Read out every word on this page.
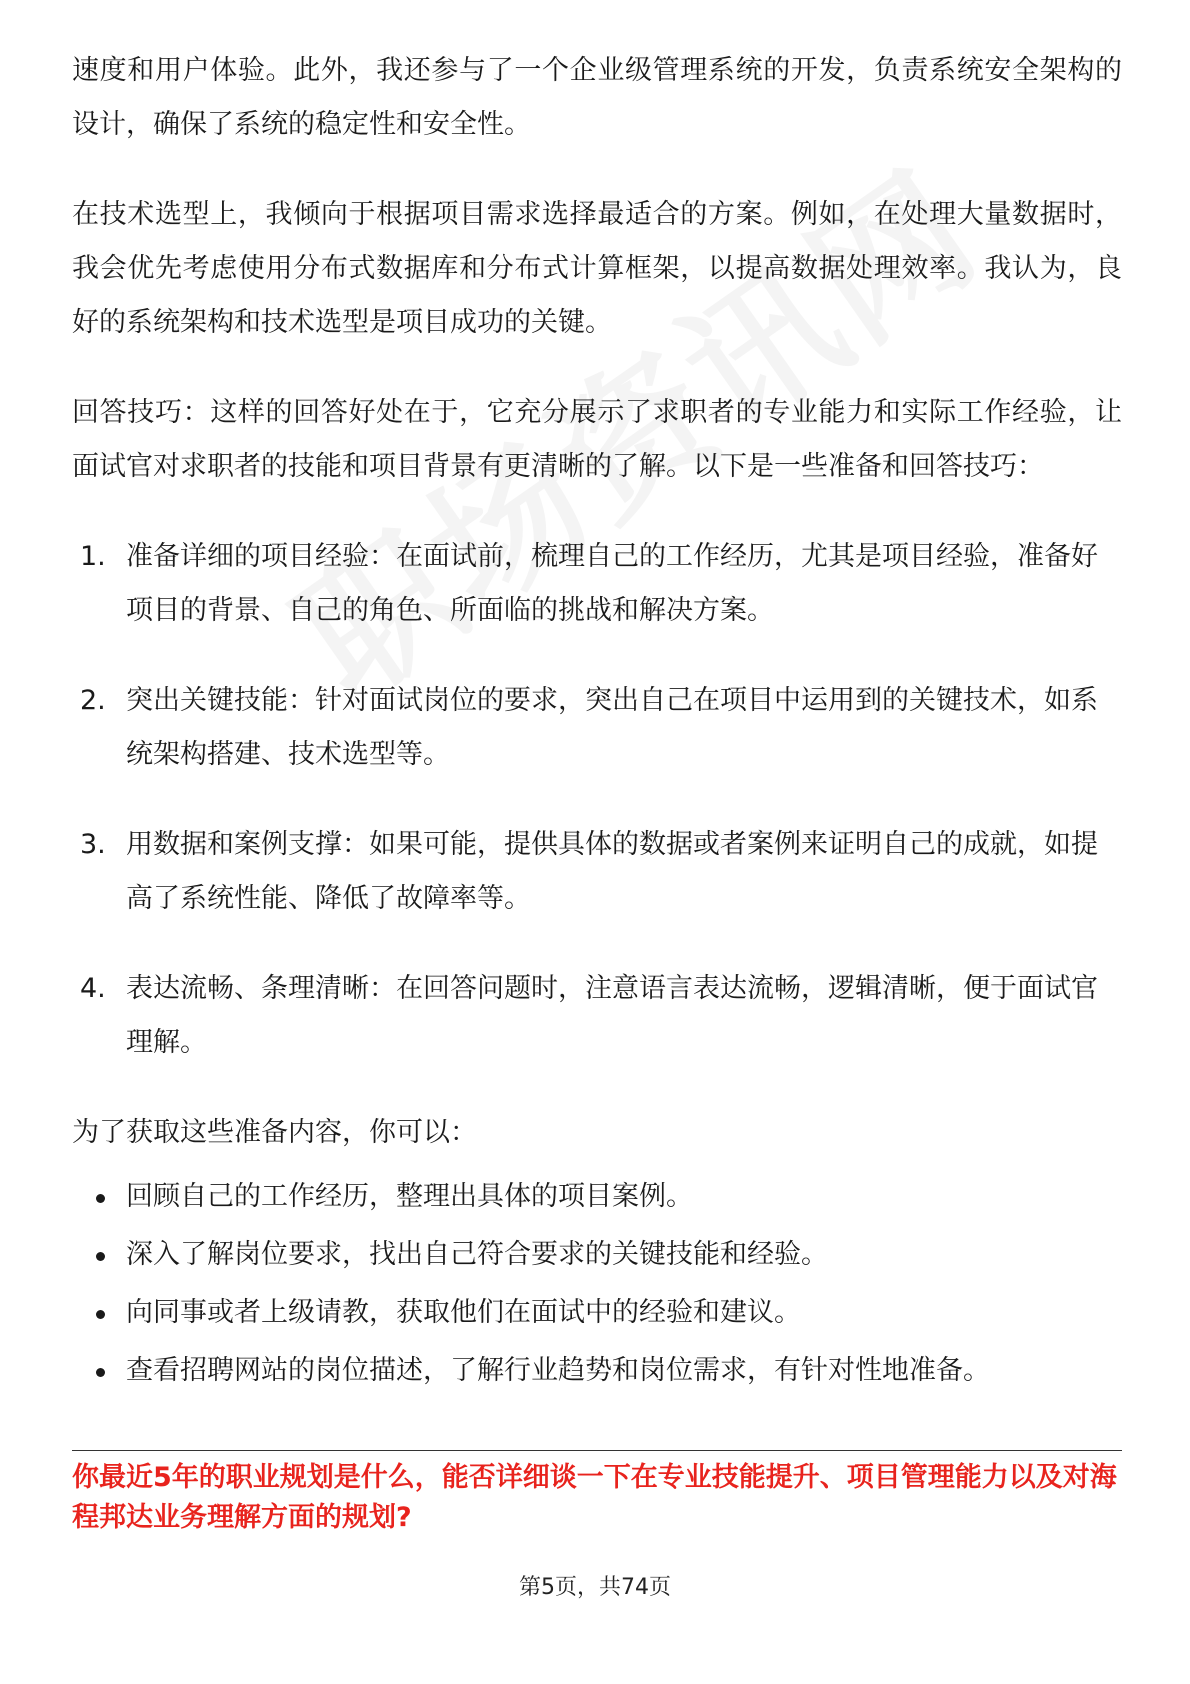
速度和用户体验。此外，我还参与了一个企业级管理系统的开发，负责系统安全架构的设计，确保了系统的稳定性和安全性。

在技术选型上，我倾向于根据项目需求选择最适合的方案。例如，在处理大量数据时，我会优先考虑使用分布式数据库和分布式计算框架，以提高数据处理效率。我认为，良好的系统架构和技术选型是项目成功的关键。

回答技巧：这样的回答好处在于，它充分展示了求职者的专业能力和实际工作经验，让面试官对求职者的技能和项目背景有更清晰的了解。以下是一些准备和回答技巧：

1. 准备详细的项目经验：在面试前，梳理自己的工作经历，尤其是项目经验，准备好项目的背景、自己的角色、所面临的挑战和解决方案。
2. 突出关键技能：针对面试岗位的要求，突出自己在项目中运用到的关键技术，如系统架构搭建、技术选型等。
3. 用数据和案例支撑：如果可能，提供具体的数据或者案例来证明自己的成就，如提高了系统性能、降低了故障率等。
4. 表达流畅、条理清晰：在回答问题时，注意语言表达流畅，逻辑清晰，便于面试官理解。

为了获取这些准备内容，你可以：

回顾自己的工作经历，整理出具体的项目案例。
深入了解岗位要求，找出自己符合要求的关键技能和经验。
向同事或者上级请教，获取他们在面试中的经验和建议。
查看招聘网站的岗位描述，了解行业趋势和岗位需求，有针对性地准备。
你最近5年的职业规划是什么，能否详细谈一下在专业技能提升、项目管理能力以及对海程邦达业务理解方面的规划?
第5页，共74页
